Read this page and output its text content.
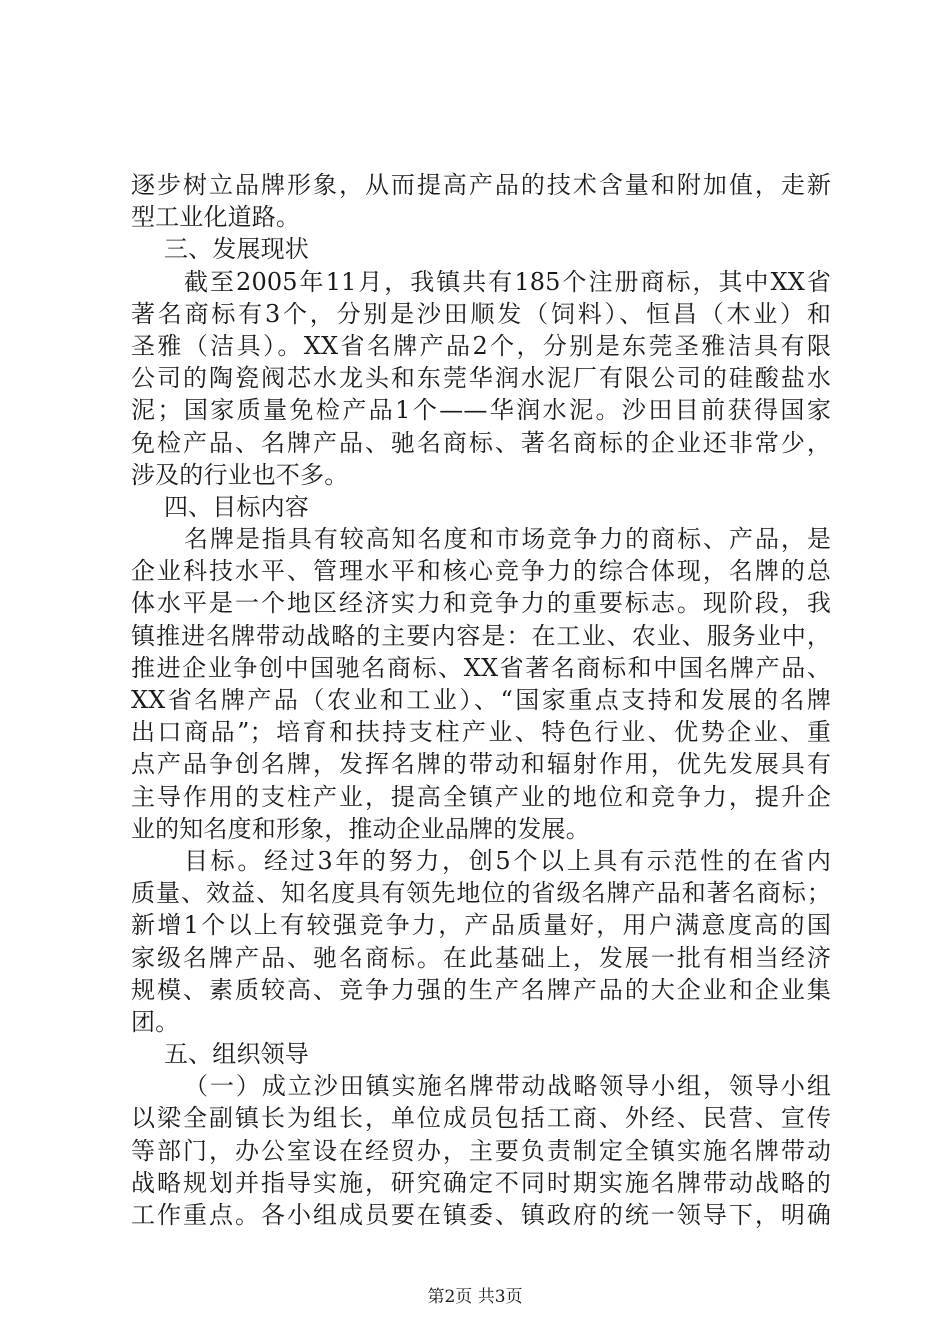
逐步树立品牌形象，从而提高产品的技术含量和附加值，走新
型工业化道路。
三、发展现状
截至2005年11月，我镇共有185个注册商标，其中XX省
著名商标有3个，分别是沙田顺发（饲料）、恒昌（木业）和
圣雅（洁具）。XX省名牌产品2个，分别是东莞圣雅洁具有限
公司的陶瓷阀芯水龙头和东莞华润水泥厂有限公司的硅酸盐水
泥；国家质量免检产品1个——华润水泥。沙田目前获得国家
免检产品、名牌产品、驰名商标、著名商标的企业还非常少，
涉及的行业也不多。
四、目标内容
名牌是指具有较高知名度和市场竞争力的商标、产品，是
企业科技水平、管理水平和核心竞争力的综合体现，名牌的总
体水平是一个地区经济实力和竞争力的重要标志。现阶段，我
镇推进名牌带动战略的主要内容是：在工业、农业、服务业中，
推进企业争创中国驰名商标、XX省著名商标和中国名牌产品、
XX省名牌产品（农业和工业）、“国家重点支持和发展的名牌
出口商品”；培育和扶持支柱产业、特色行业、优势企业、重
点产品争创名牌，发挥名牌的带动和辐射作用，优先发展具有
主导作用的支柱产业，提高全镇产业的地位和竞争力，提升企
业的知名度和形象，推动企业品牌的发展。
目标。经过3年的努力，创5个以上具有示范性的在省内
质量、效益、知名度具有领先地位的省级名牌产品和著名商标；
新增1个以上有较强竞争力，产品质量好，用户满意度高的国
家级名牌产品、驰名商标。在此基础上，发展一批有相当经济
规模、素质较高、竞争力强的生产名牌产品的大企业和企业集
团。
五、组织领导
（一）成立沙田镇实施名牌带动战略领导小组，领导小组
以梁全副镇长为组长，单位成员包括工商、外经、民营、宣传
等部门，办公室设在经贸办，主要负责制定全镇实施名牌带动
战略规划并指导实施，研究确定不同时期实施名牌带动战略的
工作重点。各小组成员要在镇委、镇政府的统一领导下，明确
第2页 共3页
